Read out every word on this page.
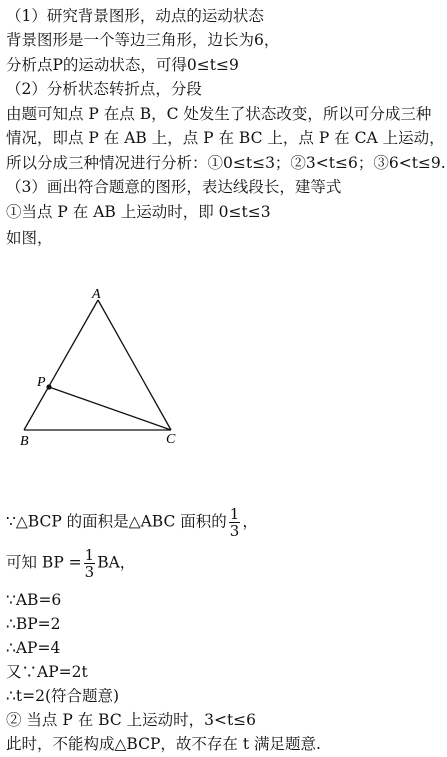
（1）研究背景图形，动点的运动状态
背景图形是一个等边三角形，边长为6，
分析点P的运动状态，可得0≤t≤9
（2）分析状态转折点，分段
由题可知点 P 在点 B，C 处发生了状态改变，所以可分成三种
情况，即点 P 在 AB 上，点 P 在 BC 上，点 P 在 CA 上运动，
所以分成三种情况进行分析：①0≤t≤3；②3<t≤6；③6<t≤9.
（3）画出符合题意的图形，表达线段长，建等式
①当点 P 在 AB 上运动时，即 0≤t≤3
如图，
A
B	C
P
∵△BCP 的面积是△ABC 面积的 $\frac{1}{3}$ ，
可知 BP = $\frac{1}{3}$ BA，
∵AB=6
∴BP=2
∴AP=4
又∵AP=2t
∴t=2(符合题意)
② 当点 P 在 BC 上运动时，3<t≤6
此时，不能构成△BCP，故不存在 t 满足题意.
